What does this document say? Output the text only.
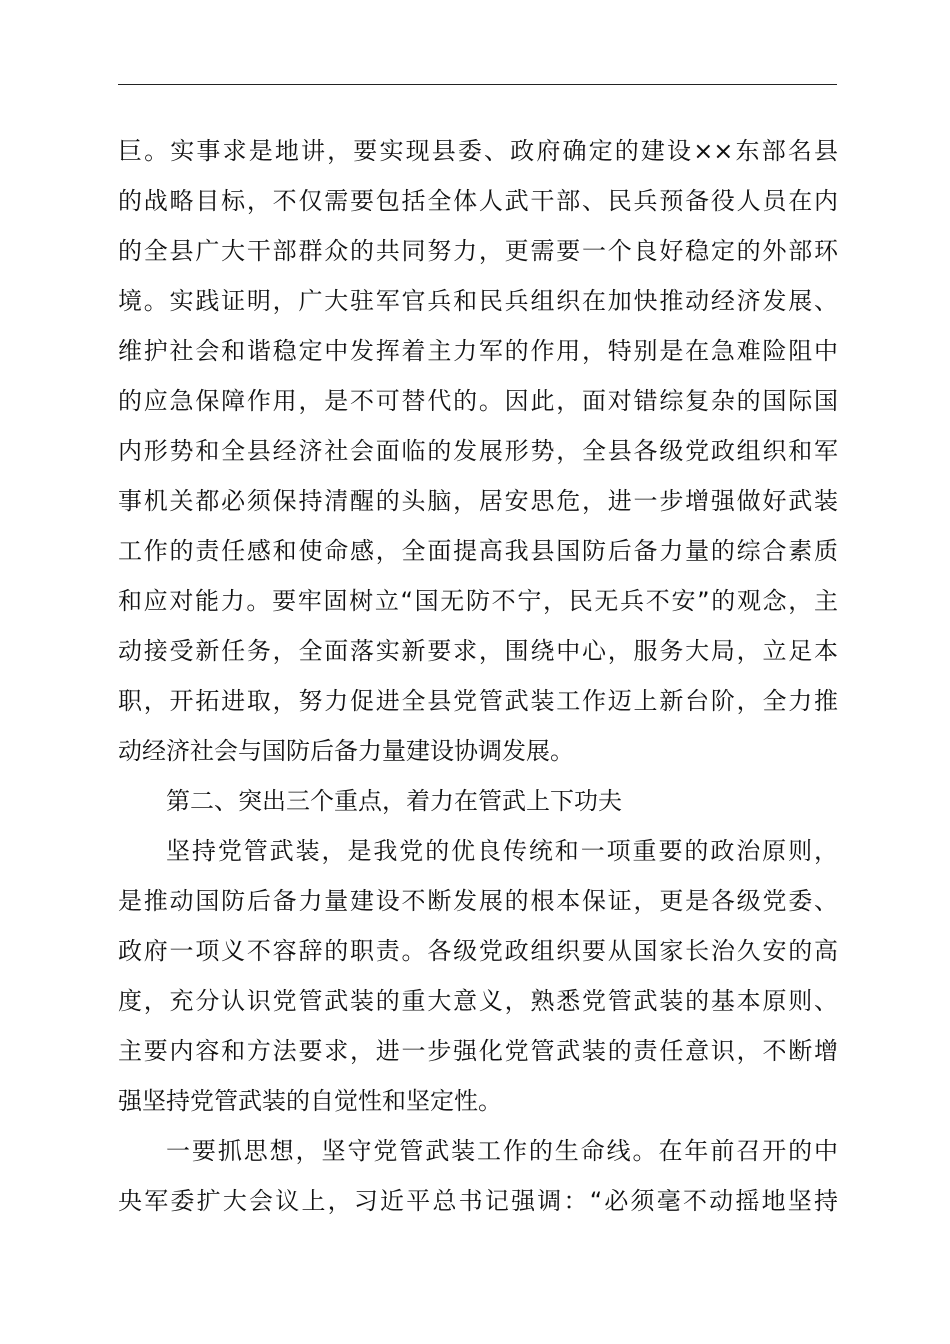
巨。实事求是地讲，要实现县委、政府确定的建设××东部名县
的战略目标，不仅需要包括全体人武干部、民兵预备役人员在内
的全县广大干部群众的共同努力，更需要一个良好稳定的外部环
境。实践证明，广大驻军官兵和民兵组织在加快推动经济发展、
维护社会和谐稳定中发挥着主力军的作用，特别是在急难险阻中
的应急保障作用，是不可替代的。因此，面对错综复杂的国际国
内形势和全县经济社会面临的发展形势，全县各级党政组织和军
事机关都必须保持清醒的头脑，居安思危，进一步增强做好武装
工作的责任感和使命感，全面提高我县国防后备力量的综合素质
和应对能力。要牢固树立“国无防不宁，民无兵不安”的观念，主
动接受新任务，全面落实新要求，围绕中心，服务大局，立足本
职，开拓进取，努力促进全县党管武装工作迈上新台阶，全力推
动经济社会与国防后备力量建设协调发展。
第二、突出三个重点，着力在管武上下功夫
坚持党管武装，是我党的优良传统和一项重要的政治原则，
是推动国防后备力量建设不断发展的根本保证，更是各级党委、
政府一项义不容辞的职责。各级党政组织要从国家长治久安的高
度，充分认识党管武装的重大意义，熟悉党管武装的基本原则、
主要内容和方法要求，进一步强化党管武装的责任意识，不断增
强坚持党管武装的自觉性和坚定性。
一要抓思想，坚守党管武装工作的生命线。在年前召开的中
央军委扩大会议上，习近平总书记强调：“必须毫不动摇地坚持
